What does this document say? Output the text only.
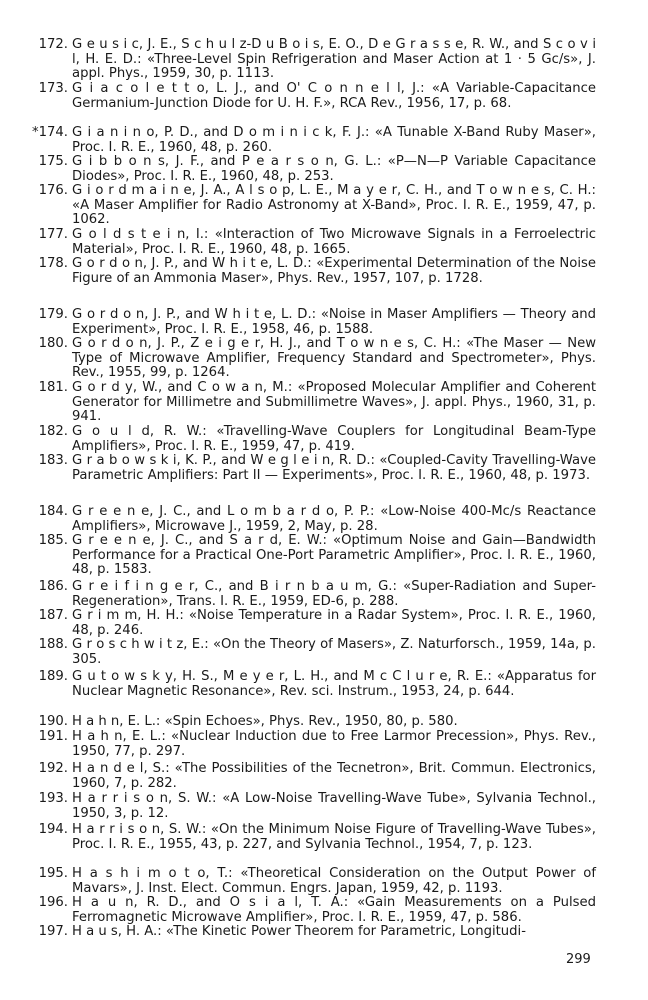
172. G e u s i c, J. E., S c h u l z-D u B o i s, E. O., D e G r a s s e, R. W., and S c o v i l, H. E. D.: «Three-Level Spin Refrigeration and Maser Action at 1 · 5 Gc/s», J. appl. Phys., 1959, 30, p. 1113.
173. G i a c o l e t t o, L. J., and O' C o n n e l l, J.: «A Variable-Capacitance Germanium-Junction Diode for U. H. F.», RCA Rev., 1956, 17, p. 68.
*174. G i a n i n o, P. D., and D o m i n i c k, F. J.: «A Tunable X-Band Ruby Maser», Proc. I. R. E., 1960, 48, p. 260.
175. G i b b o n s, J. F., and P e a r s o n, G. L.: «P—N—P Variable Capacitance Diodes», Proc. I. R. E., 1960, 48, p. 253.
176. G i o r d m a i n e, J. A., A l s o p, L. E., M a y e r, C. H., and T o w n e s, C. H.: «A Maser Amplifier for Radio Astronomy at X-Band», Proc. I. R. E., 1959, 47, p. 1062.
177. G o l d s t e i n, I.: «Interaction of Two Microwave Signals in a Ferroelectric Material», Proc. I. R. E., 1960, 48, p. 1665.
178. G o r d o n, J. P., and W h i t e, L. D.: «Experimental Determination of the Noise Figure of an Ammonia Maser», Phys. Rev., 1957, 107, p. 1728.
179. G o r d o n, J. P., and W h i t e, L. D.: «Noise in Maser Amplifiers — Theory and Experiment», Proc. I. R. E., 1958, 46, p. 1588.
180. G o r d o n, J. P., Z e i g e r, H. J., and T o w n e s, C. H.: «The Maser — New Type of Microwave Amplifier, Frequency Standard and Spectrometer», Phys. Rev., 1955, 99, p. 1264.
181. G o r d y, W., and C o w a n, M.: «Proposed Molecular Amplifier and Coherent Generator for Millimetre and Submillimetre Waves», J. appl. Phys., 1960, 31, p. 941.
182. G o u l d, R. W.: «Travelling-Wave Couplers for Longitudinal Beam-Type Amplifiers», Proc. I. R. E., 1959, 47, p. 419.
183. G r a b o w s k i, K. P., and W e g l e i n, R. D.: «Coupled-Cavity Travelling-Wave Parametric Amplifiers: Part II — Experiments», Proc. I. R. E., 1960, 48, p. 1973.
184. G r e e n e, J. C., and L o m b a r d o, P. P.: «Low-Noise 400-Mc/s Reactance Amplifiers», Microwave J., 1959, 2, May, p. 28.
185. G r e e n e, J. C., and S a r d, E. W.: «Optimum Noise and Gain—Bandwidth Performance for a Practical One-Port Parametric Amplifier», Proc. I. R. E., 1960, 48, p. 1583.
186. G r e i f i n g e r, C., and B i r n b a u m, G.: «Super-Radiation and Super-Regeneration», Trans. I. R. E., 1959, ED-6, p. 288.
187. G r i m m, H. H.: «Noise Temperature in a Radar System», Proc. I. R. E., 1960, 48, p. 246.
188. G r o s c h w i t z, E.: «On the Theory of Masers», Z. Naturforsch., 1959, 14a, p. 305.
189. G u t o w s k y, H. S., M e y e r, L. H., and M c C l u r e, R. E.: «Apparatus for Nuclear Magnetic Resonance», Rev. sci. Instrum., 1953, 24, p. 644.
190. H a h n, E. L.: «Spin Echoes», Phys. Rev., 1950, 80, p. 580.
191. H a h n, E. L.: «Nuclear Induction due to Free Larmor Precession», Phys. Rev., 1950, 77, p. 297.
192. H a n d e l, S.: «The Possibilities of the Tecnetron», Brit. Commun. Electronics, 1960, 7, p. 282.
193. H a r r i s o n, S. W.: «A Low-Noise Travelling-Wave Tube», Sylvania Technol., 1950, 3, p. 12.
194. H a r r i s o n, S. W.: «On the Minimum Noise Figure of Travelling-Wave Tubes», Proc. I. R. E., 1955, 43, p. 227, and Sylvania Technol., 1954, 7, p. 123.
195. H a s h i m o t o, T.: «Theoretical Consideration on the Output Power of Mavars», J. Inst. Elect. Commun. Engrs. Japan, 1959, 42, p. 1193.
196. H a u n, R. D., and O s i a l, T. A.: «Gain Measurements on a Pulsed Ferromagnetic Microwave Amplifier», Proc. I. R. E., 1959, 47, p. 586.
197. H a u s, H. A.: «The Kinetic Power Theorem for Parametric, Longitudi-
299
